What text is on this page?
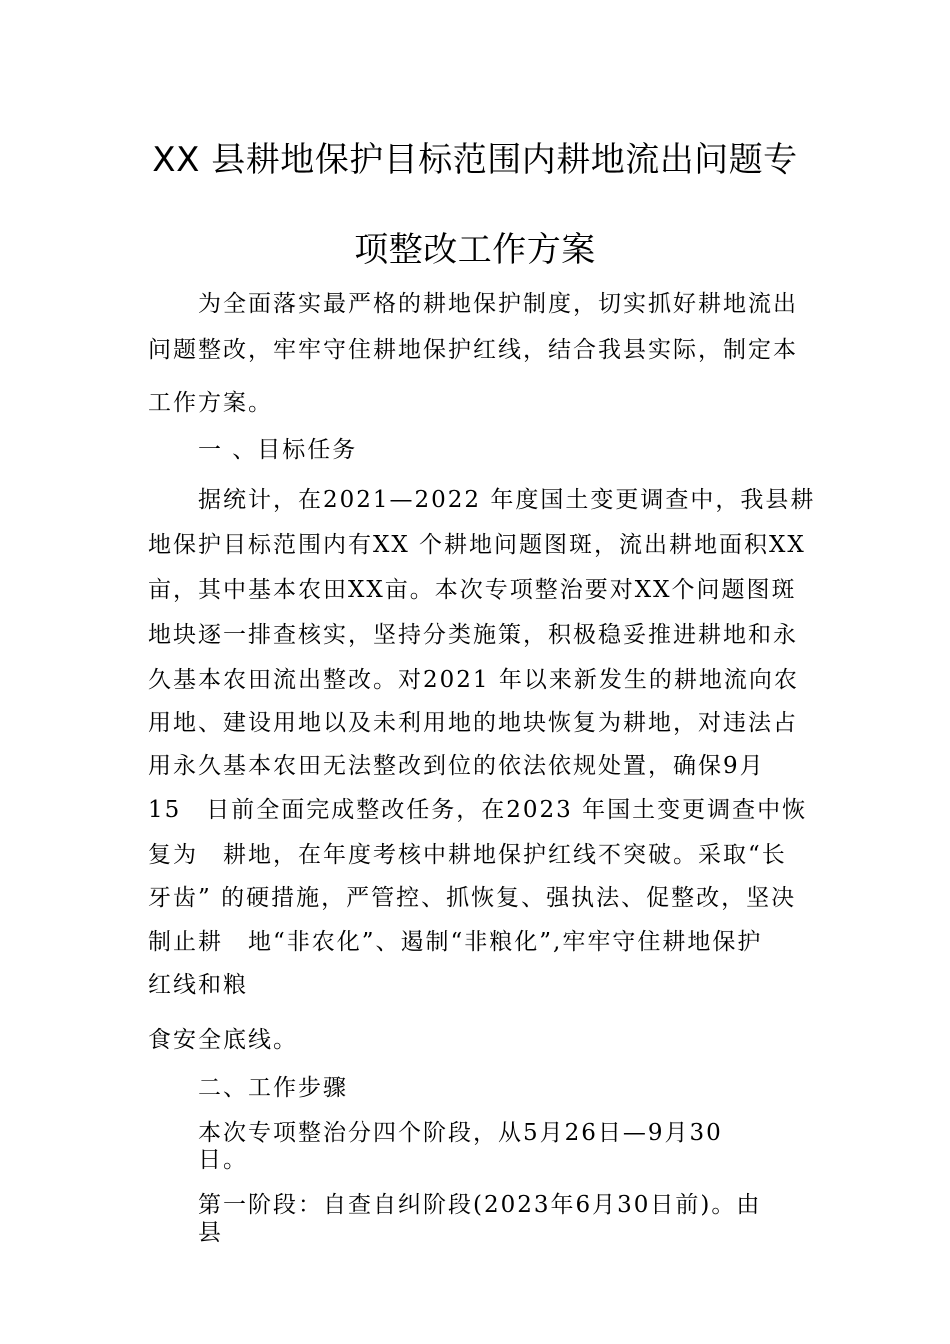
XX 县耕地保护目标范围内耕地流出问题专
项整改工作方案
为全面落实最严格的耕地保护制度，切实抓好耕地流出
问题整改，牢牢守住耕地保护红线，结合我县实际，制定本
工作方案。
一 、目标任务
据统计，在2021—2022 年度国土变更调查中，我县耕
地保护目标范围内有XX 个耕地问题图斑，流出耕地面积XX
亩，其中基本农田XX亩。本次专项整治要对XX个问题图斑
地块逐一排查核实，坚持分类施策，积极稳妥推进耕地和永
久基本农田流出整改。对2021 年以来新发生的耕地流向农
用地、建设用地以及未利用地的地块恢复为耕地，对违法占
用永久基本农田无法整改到位的依法依规处置，确保9月
15　日前全面完成整改任务，在2023 年国土变更调查中恢
复为　耕地，在年度考核中耕地保护红线不突破。采取“长
牙齿” 的硬措施，严管控、抓恢复、强执法、促整改，坚决
制止耕　地“非农化”、遏制“非粮化”,牢牢守住耕地保护
红线和粮
食安全底线。
二、工作步骤
本次专项整治分四个阶段，从5月26日—9月30
日。
第一阶段：自查自纠阶段(2023年6月30日前)。由
县
